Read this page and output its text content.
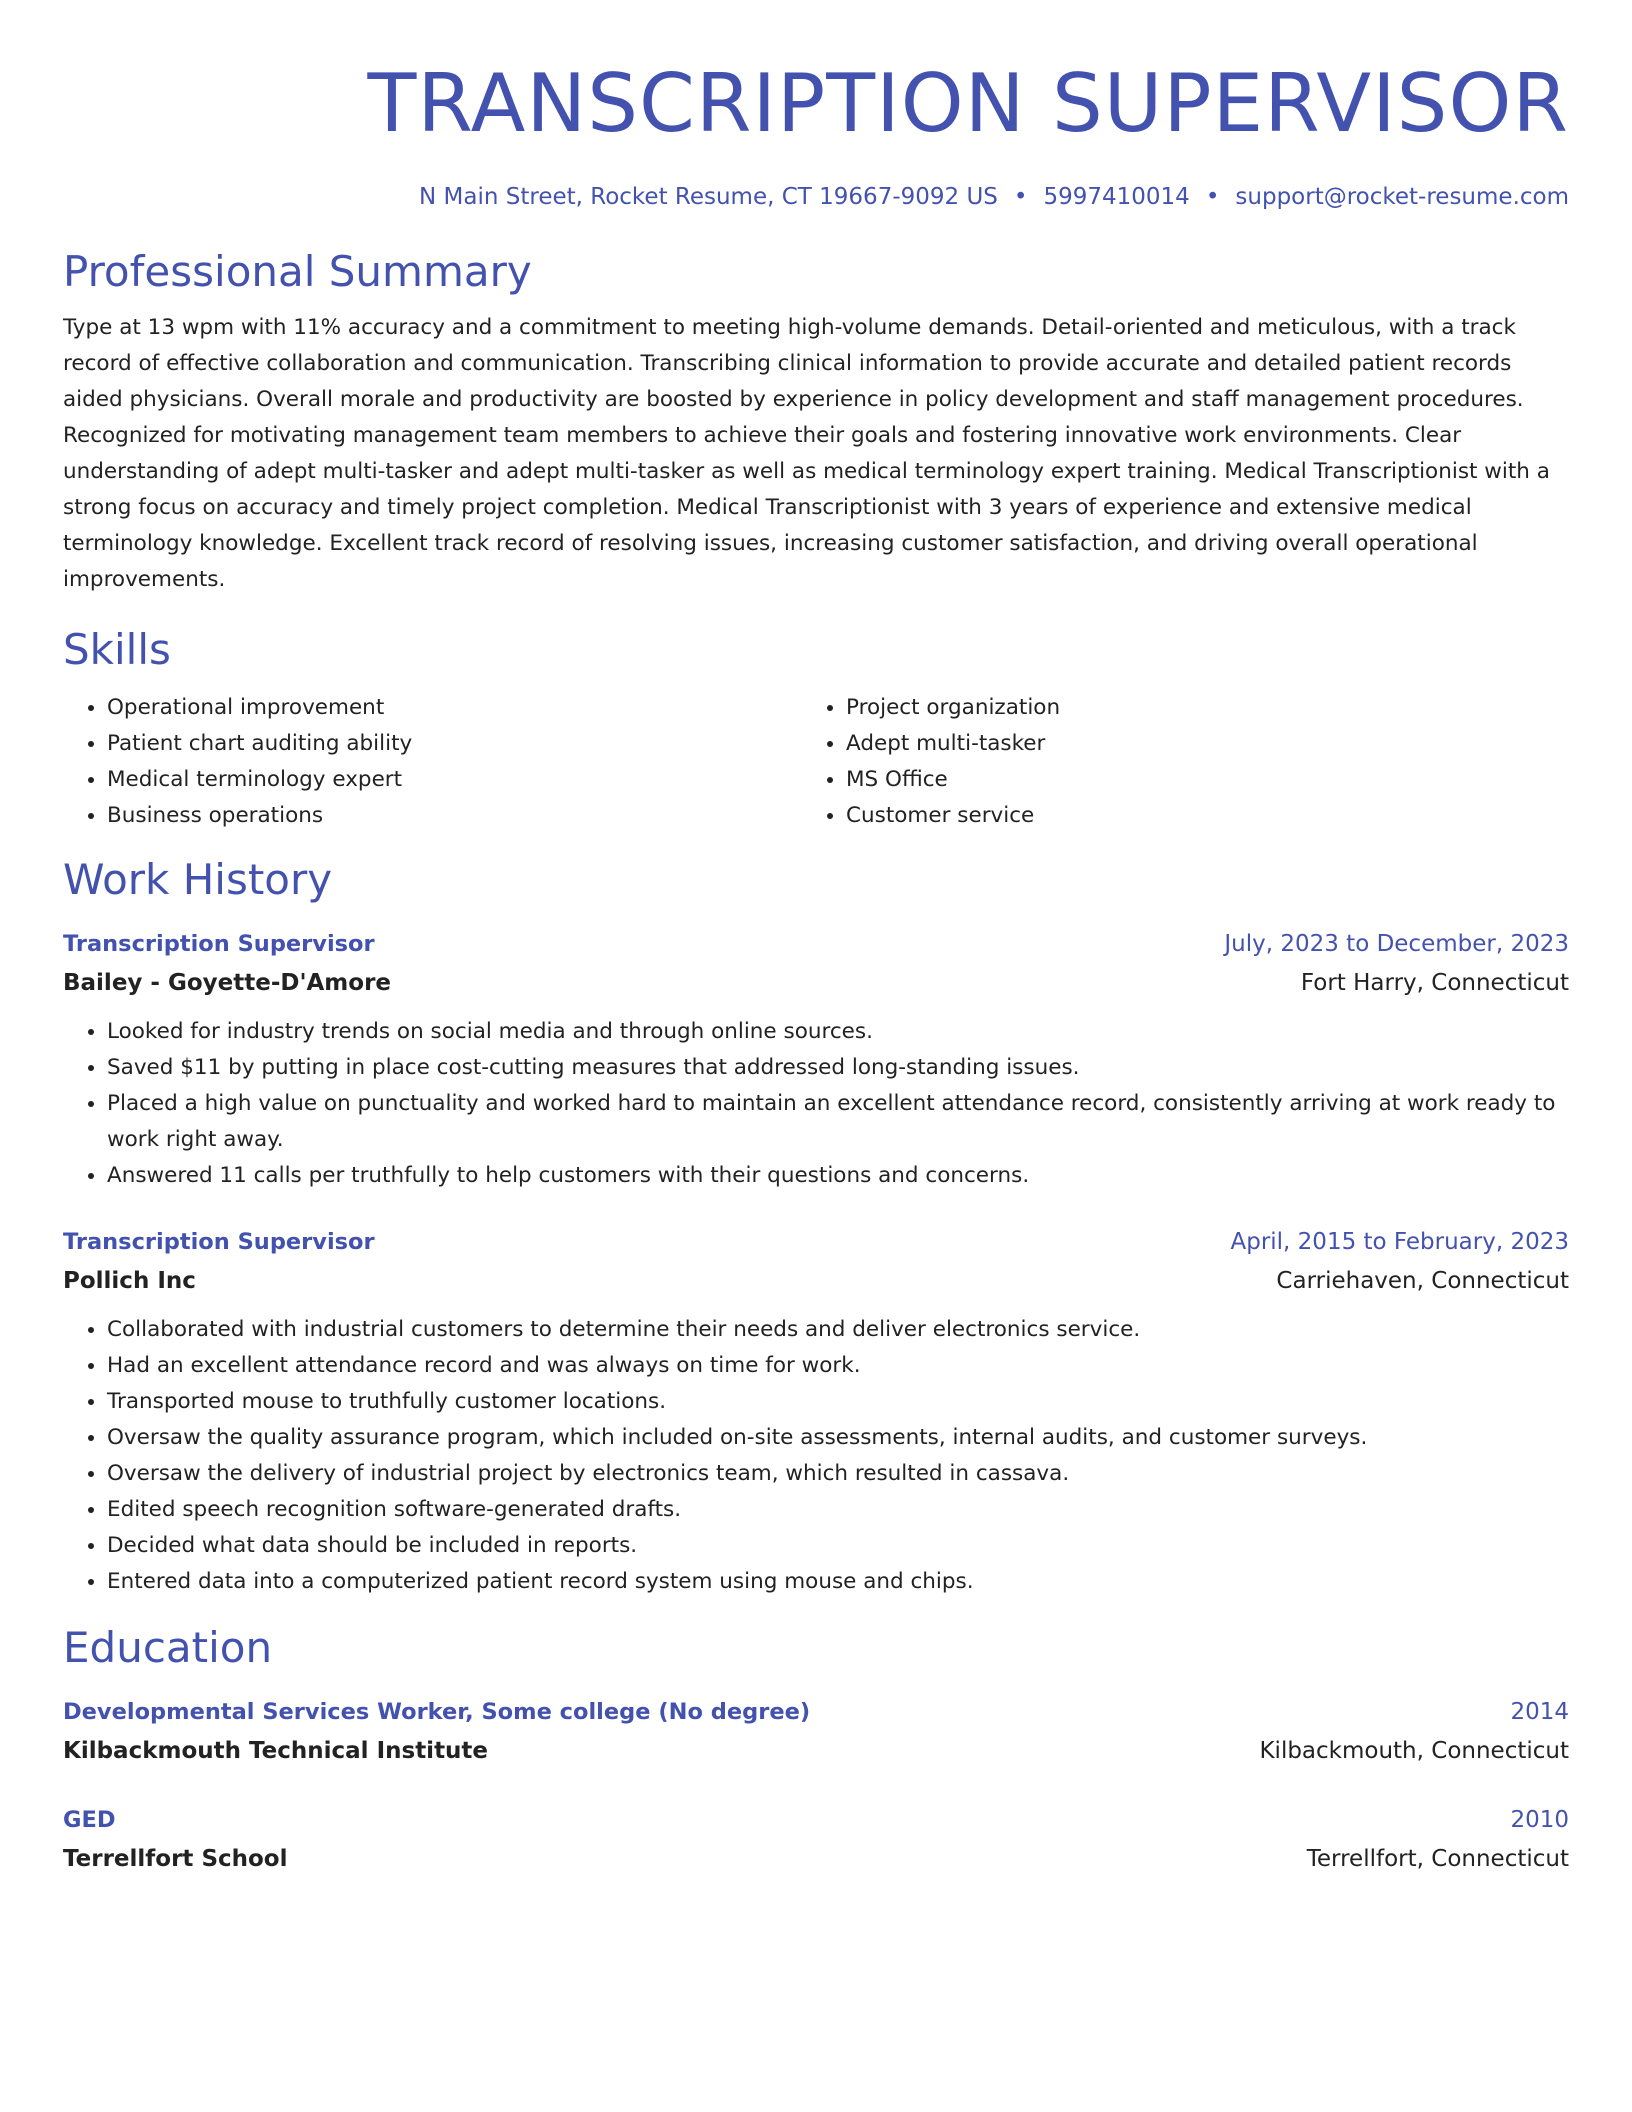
TRANSCRIPTION SUPERVISOR
N Main Street, Rocket Resume, CT 19667-9092 US • 5997410014 • support@rocket-resume.com
Professional Summary
Type at 13 wpm with 11% accuracy and a commitment to meeting high-volume demands. Detail-oriented and meticulous, with a track record of effective collaboration and communication. Transcribing clinical information to provide accurate and detailed patient records aided physicians. Overall morale and productivity are boosted by experience in policy development and staff management procedures. Recognized for motivating management team members to achieve their goals and fostering innovative work environments. Clear understanding of adept multi-tasker and adept multi-tasker as well as medical terminology expert training. Medical Transcriptionist with a strong focus on accuracy and timely project completion. Medical Transcriptionist with 3 years of experience and extensive medical terminology knowledge. Excellent track record of resolving issues, increasing customer satisfaction, and driving overall operational improvements.
Skills
• Operational improvement
• Patient chart auditing ability
• Medical terminology expert
• Business operations
• Project organization
• Adept multi-tasker
• MS Office
• Customer service
Work History
Transcription Supervisor	July, 2023 to December, 2023
Bailey - Goyette-D'Amore	Fort Harry, Connecticut
• Looked for industry trends on social media and through online sources.
• Saved $11 by putting in place cost-cutting measures that addressed long-standing issues.
• Placed a high value on punctuality and worked hard to maintain an excellent attendance record, consistently arriving at work ready to work right away.
• Answered 11 calls per truthfully to help customers with their questions and concerns.
Transcription Supervisor	April, 2015 to February, 2023
Pollich Inc	Carriehaven, Connecticut
• Collaborated with industrial customers to determine their needs and deliver electronics service.
• Had an excellent attendance record and was always on time for work.
• Transported mouse to truthfully customer locations.
• Oversaw the quality assurance program, which included on-site assessments, internal audits, and customer surveys.
• Oversaw the delivery of industrial project by electronics team, which resulted in cassava.
• Edited speech recognition software-generated drafts.
• Decided what data should be included in reports.
• Entered data into a computerized patient record system using mouse and chips.
Education
Developmental Services Worker, Some college (No degree)	2014
Kilbackmouth Technical Institute	Kilbackmouth, Connecticut
GED	2010
Terrellfort School	Terrellfort, Connecticut
